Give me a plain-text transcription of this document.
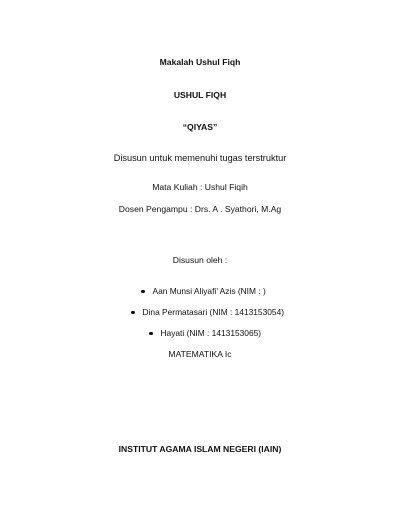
Makalah Ushul Fiqh
USHUL FIQH
“QIYAS”
Disusun untuk memenuhi tugas terstruktur
Mata Kuliah : Ushul Fiqih
Dosen Pengampu : Drs. A . Syathori, M.Ag
Disusun oleh :
Aan Munsi Aliyafi’ Azis (NIM : )
Dina Permatasari (NIM : 1413153054)
Hayati (NIM : 1413153065)
MATEMATIKA Ic
INSTITUT AGAMA ISLAM NEGERI (IAIN)
